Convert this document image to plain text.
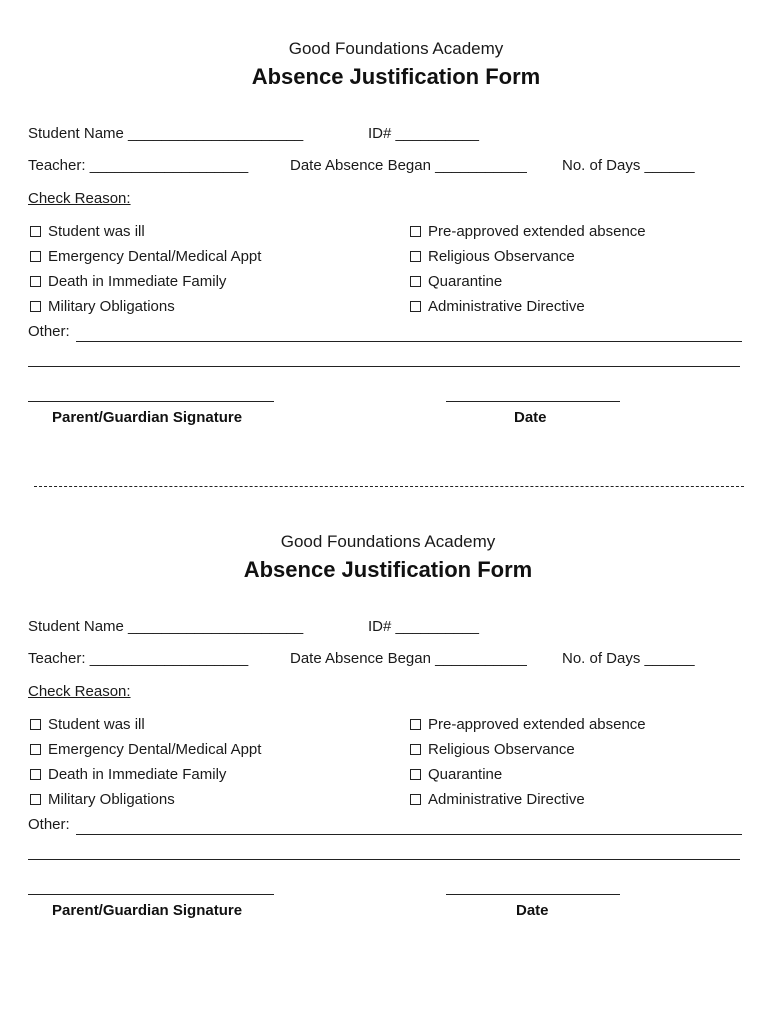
Good Foundations Academy
Absence Justification Form
Student Name _____________________	ID# __________
Teacher: ___________________	Date Absence Began ___________ No. of Days ______
Check Reason:
Student was ill
Emergency Dental/Medical Appt
Death in Immediate Family
Military Obligations
Pre-approved extended absence
Religious Observance
Quarantine
Administrative Directive
Other:
Parent/Guardian Signature	Date
Good Foundations Academy
Absence Justification Form
Student Name _____________________	ID# __________
Teacher: ___________________	Date Absence Began ___________ No. of Days ______
Check Reason:
Student was ill
Emergency Dental/Medical Appt
Death in Immediate Family
Military Obligations
Pre-approved extended absence
Religious Observance
Quarantine
Administrative Directive
Other:
Parent/Guardian Signature	Date
